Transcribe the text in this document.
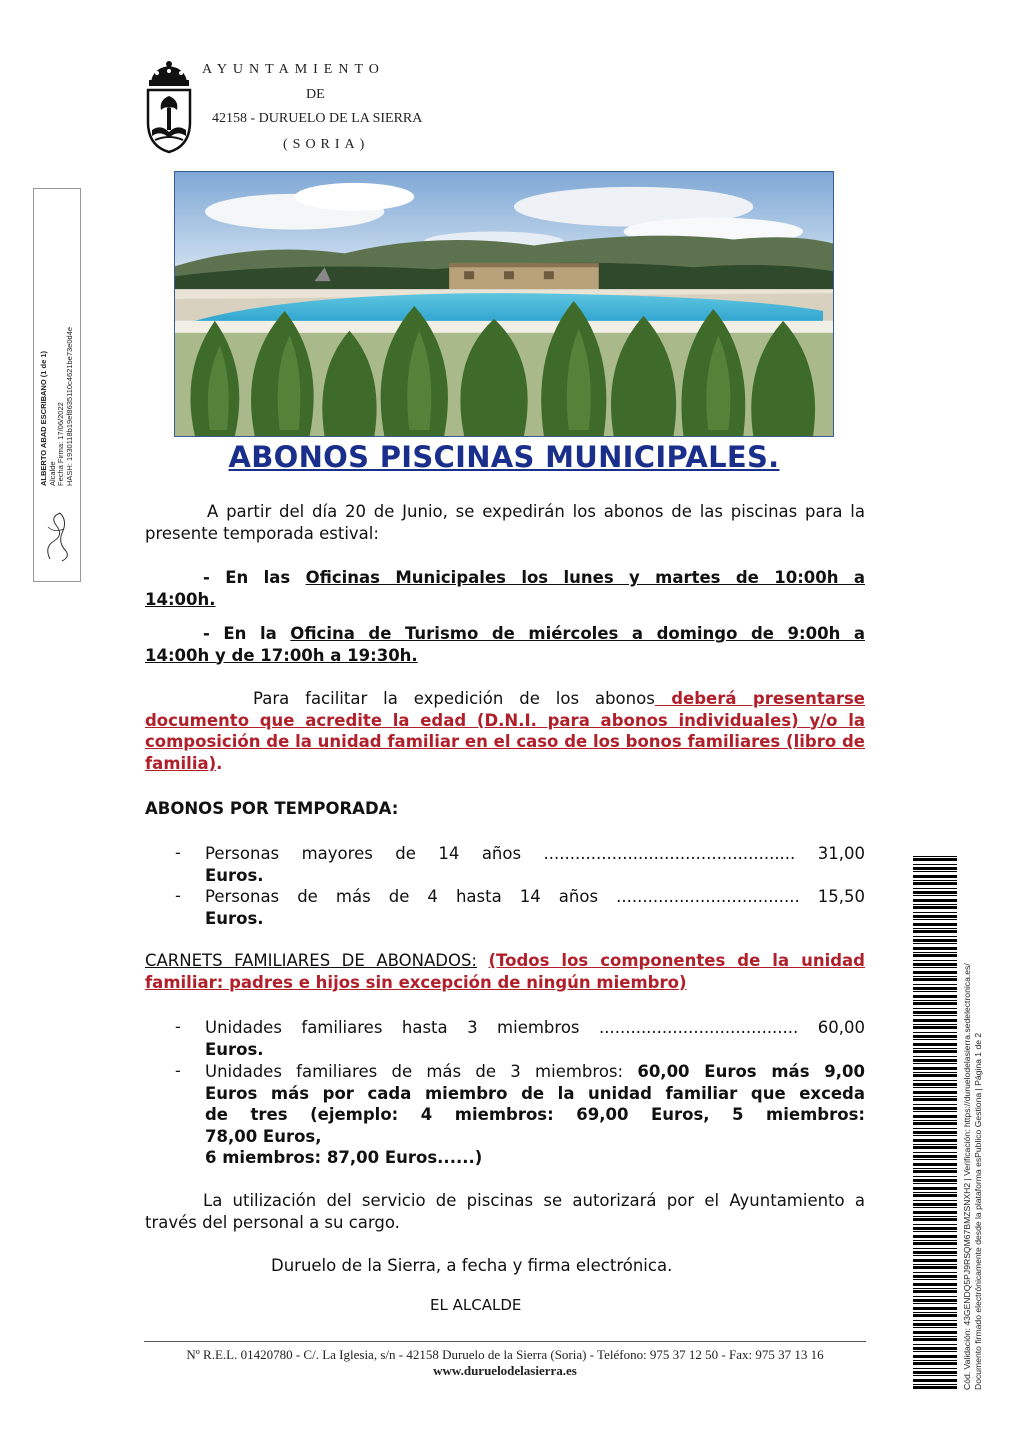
AYUNTAMIENTO
DE
42158 - DURUELO DE LA SIERRA
(SORIA)
ALBERTO ABAD ESCRIBANO (1 de 1) Alcalde Fecha Firma: 17/06/2022 HASH: 1930118b19ef8635110c4621be73e0d4e	ABONOS PISCINAS MUNICIPALES.
A partir del día 20 de Junio, se expedirán los abonos de las piscinas para la presente temporada estival:
- En las Oficinas Municipales los lunes y martes de 10:00h a
14:00h.
- En la Oficina de Turismo de miércoles a domingo de 9:00h a
14:00h y de 17:00h a 19:30h.
Para facilitar la expedición de los abonos deberá presentarse documento que acredite la edad (D.N.I. para abonos individuales) y/o la composición de la unidad familiar en el caso de los bonos familiares (libro de familia).
ABONOS POR TEMPORADA:
- Personas mayores de 14 años ................................................ 31,00
Euros.
- Personas de más de 4 hasta 14 años ................................... 15,50
Euros.
CARNETS FAMILIARES DE ABONADOS: (Todos los componentes de la unidad familiar: padres e hijos sin excepción de ningún miembro)
- Unidades familiares hasta 3 miembros ...................................... 60,00
Euros.
- Unidades familiares de más de 3 miembros: 60,00 Euros más 9,00
Euros más por cada miembro de la unidad familiar que exceda
de tres (ejemplo: 4 miembros: 69,00 Euros, 5 miembros:
78,00 Euros,
6 miembros: 87,00 Euros......)
La utilización del servicio de piscinas se autorizará por el Ayuntamiento a través del personal a su cargo.
Duruelo de la Sierra, a fecha y firma electrónica.
EL ALCALDE
Nº R.E.L. 01420780 - C/. La Iglesia, s/n - 42158 Duruelo de la Sierra (Soria) - Teléfono: 975 37 12 50 - Fax: 975 37 13 16
www.duruelodelasierra.es	Cód. Validación: 43GENDQ5PJ9RSQM67BMZSNXH2 | Verificación: https://duruelodelasierra.sedelectronica.es/ Documento firmado electrónicamente desde la plataforma esPublico Gestiona | Página 1 de 2
